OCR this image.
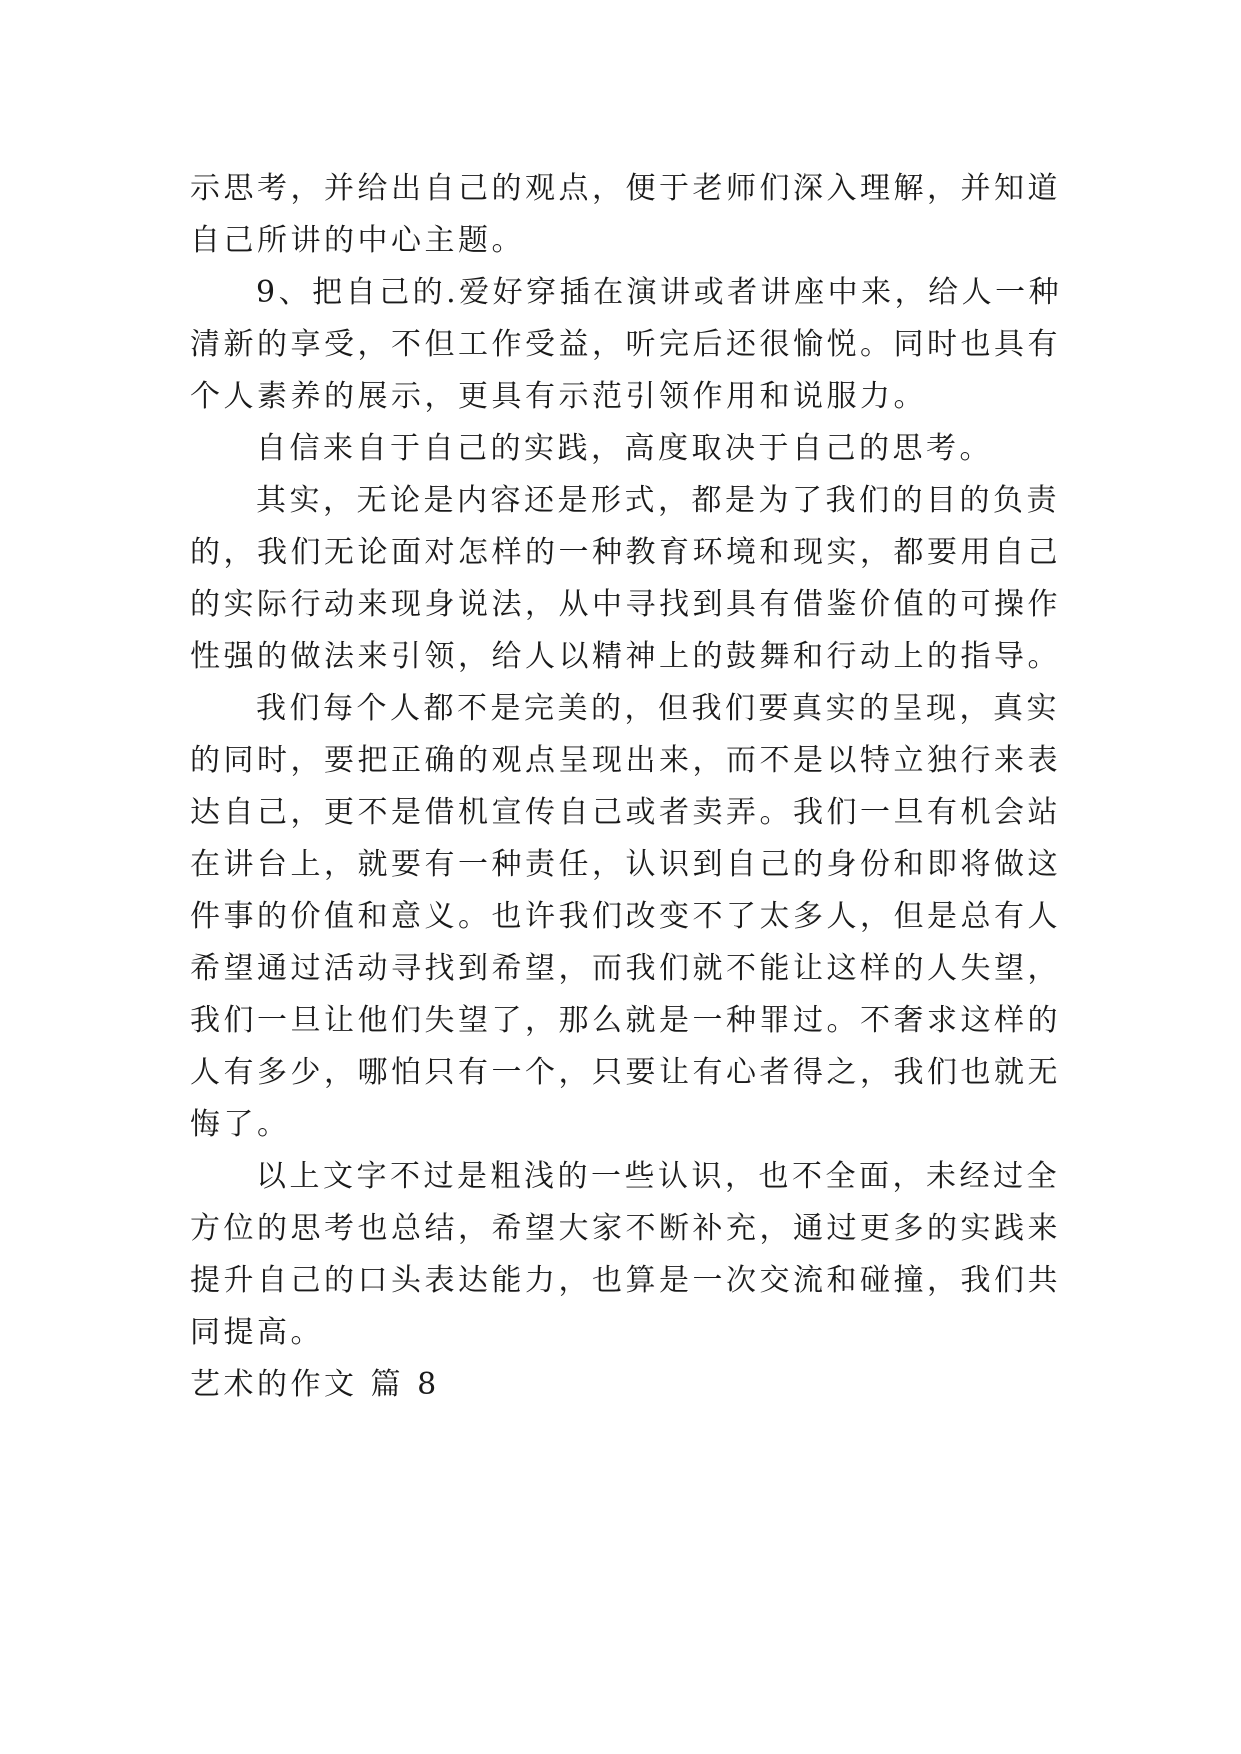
示思考，并给出自己的观点，便于老师们深入理解，并知道
自己所讲的中心主题。
9、把自己的.爱好穿插在演讲或者讲座中来，给人一种
清新的享受，不但工作受益，听完后还很愉悦。同时也具有
个人素养的展示，更具有示范引领作用和说服力。
自信来自于自己的实践，高度取决于自己的思考。
其实，无论是内容还是形式，都是为了我们的目的负责
的，我们无论面对怎样的一种教育环境和现实，都要用自己
的实际行动来现身说法，从中寻找到具有借鉴价值的可操作
性强的做法来引领，给人以精神上的鼓舞和行动上的指导。
我们每个人都不是完美的，但我们要真实的呈现，真实
的同时，要把正确的观点呈现出来，而不是以特立独行来表
达自己，更不是借机宣传自己或者卖弄。我们一旦有机会站
在讲台上，就要有一种责任，认识到自己的身份和即将做这
件事的价值和意义。也许我们改变不了太多人，但是总有人
希望通过活动寻找到希望，而我们就不能让这样的人失望，
我们一旦让他们失望了，那么就是一种罪过。不奢求这样的
人有多少，哪怕只有一个，只要让有心者得之，我们也就无
悔了。
以上文字不过是粗浅的一些认识，也不全面，未经过全
方位的思考也总结，希望大家不断补充，通过更多的实践来
提升自己的口头表达能力，也算是一次交流和碰撞，我们共
同提高。
艺术的作文 篇 8
